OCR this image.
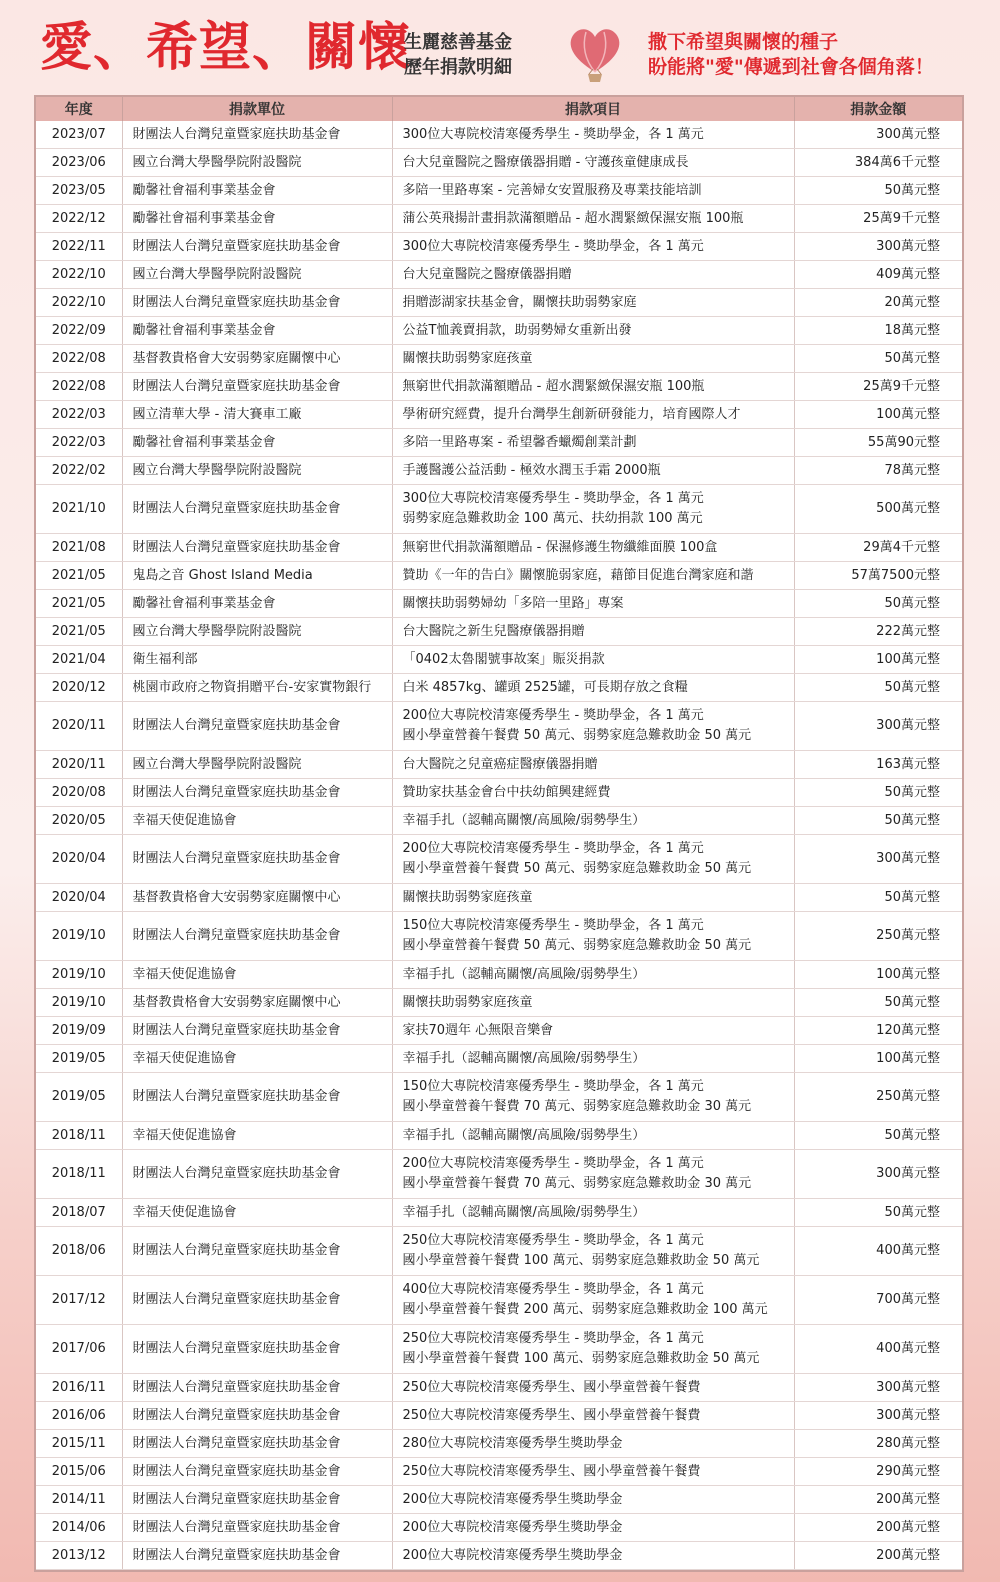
愛、希望、關懷
生麗慈善基金
歷年捐款明細
撒下希望與關懷的種子
盼能將"愛"傳遞到社會各個角落！
年度	捐款單位	捐款項目	捐款金額
2023/07	財團法人台灣兒童暨家庭扶助基金會	300位大專院校清寒優秀學生 - 獎助學金，各 1 萬元	300萬元整
2023/06	國立台灣大學醫學院附設醫院	台大兒童醫院之醫療儀器捐贈 - 守護孩童健康成長	384萬6千元整
2023/05	勵馨社會福利事業基金會	多陪一里路專案 - 完善婦女安置服務及專業技能培訓	50萬元整
2022/12	勵馨社會福利事業基金會	蒲公英飛揚計畫捐款滿額贈品 - 超水潤緊緻保濕安瓶 100瓶	25萬9千元整
2022/11	財團法人台灣兒童暨家庭扶助基金會	300位大專院校清寒優秀學生 - 獎助學金，各 1 萬元	300萬元整
2022/10	國立台灣大學醫學院附設醫院	台大兒童醫院之醫療儀器捐贈	409萬元整
2022/10	財團法人台灣兒童暨家庭扶助基金會	捐贈澎湖家扶基金會，關懷扶助弱勢家庭	20萬元整
2022/09	勵馨社會福利事業基金會	公益T恤義賣捐款，助弱勢婦女重新出發	18萬元整
2022/08	基督教貴格會大安弱勢家庭關懷中心	關懷扶助弱勢家庭孩童	50萬元整
2022/08	財團法人台灣兒童暨家庭扶助基金會	無窮世代捐款滿額贈品 - 超水潤緊緻保濕安瓶 100瓶	25萬9千元整
2022/03	國立清華大學 - 清大賽車工廠	學術研究經費，提升台灣學生創新研發能力，培育國際人才	100萬元整
2022/03	勵馨社會福利事業基金會	多陪一里路專案 - 希望馨香蠟燭創業計劃	55萬90元整
2022/02	國立台灣大學醫學院附設醫院	手護醫護公益活動 - 極效水潤玉手霜 2000瓶	78萬元整
2021/10	財團法人台灣兒童暨家庭扶助基金會	300位大專院校清寒優秀學生 - 獎助學金，各 1 萬元
弱勢家庭急難救助金 100 萬元、扶幼捐款 100 萬元	500萬元整
2021/08	財團法人台灣兒童暨家庭扶助基金會	無窮世代捐款滿額贈品 - 保濕修護生物纖維面膜 100盒	29萬4千元整
2021/05	鬼島之音 Ghost Island Media	贊助《一年的告白》關懷脆弱家庭，藉節目促進台灣家庭和諧	57萬7500元整
2021/05	勵馨社會福利事業基金會	關懷扶助弱勢婦幼「多陪一里路」專案	50萬元整
2021/05	國立台灣大學醫學院附設醫院	台大醫院之新生兒醫療儀器捐贈	222萬元整
2021/04	衛生福利部	「0402太魯閣號事故案」賑災捐款	100萬元整
2020/12	桃園市政府之物資捐贈平台-安家實物銀行	白米 4857kg、罐頭 2525罐，可長期存放之食糧	50萬元整
2020/11	財團法人台灣兒童暨家庭扶助基金會	200位大專院校清寒優秀學生 - 獎助學金，各 1 萬元
國小學童營養午餐費 50 萬元、弱勢家庭急難救助金 50 萬元	300萬元整
2020/11	國立台灣大學醫學院附設醫院	台大醫院之兒童癌症醫療儀器捐贈	163萬元整
2020/08	財團法人台灣兒童暨家庭扶助基金會	贊助家扶基金會台中扶幼館興建經費	50萬元整
2020/05	幸福天使促進協會	幸福手扎（認輔高關懷/高風險/弱勢學生）	50萬元整
2020/04	財團法人台灣兒童暨家庭扶助基金會	200位大專院校清寒優秀學生 - 獎助學金，各 1 萬元
國小學童營養午餐費 50 萬元、弱勢家庭急難救助金 50 萬元	300萬元整
2020/04	基督教貴格會大安弱勢家庭關懷中心	關懷扶助弱勢家庭孩童	50萬元整
2019/10	財團法人台灣兒童暨家庭扶助基金會	150位大專院校清寒優秀學生 - 獎助學金，各 1 萬元
國小學童營養午餐費 50 萬元、弱勢家庭急難救助金 50 萬元	250萬元整
2019/10	幸福天使促進協會	幸福手扎（認輔高關懷/高風險/弱勢學生）	100萬元整
2019/10	基督教貴格會大安弱勢家庭關懷中心	關懷扶助弱勢家庭孩童	50萬元整
2019/09	財團法人台灣兒童暨家庭扶助基金會	家扶70週年 心無限音樂會	120萬元整
2019/05	幸福天使促進協會	幸福手扎（認輔高關懷/高風險/弱勢學生）	100萬元整
2019/05	財團法人台灣兒童暨家庭扶助基金會	150位大專院校清寒優秀學生 - 獎助學金，各 1 萬元
國小學童營養午餐費 70 萬元、弱勢家庭急難救助金 30 萬元	250萬元整
2018/11	幸福天使促進協會	幸福手扎（認輔高關懷/高風險/弱勢學生）	50萬元整
2018/11	財團法人台灣兒童暨家庭扶助基金會	200位大專院校清寒優秀學生 - 獎助學金，各 1 萬元
國小學童營養午餐費 70 萬元、弱勢家庭急難救助金 30 萬元	300萬元整
2018/07	幸福天使促進協會	幸福手扎（認輔高關懷/高風險/弱勢學生）	50萬元整
2018/06	財團法人台灣兒童暨家庭扶助基金會	250位大專院校清寒優秀學生 - 獎助學金，各 1 萬元
國小學童營養午餐費 100 萬元、弱勢家庭急難救助金 50 萬元	400萬元整
2017/12	財團法人台灣兒童暨家庭扶助基金會	400位大專院校清寒優秀學生 - 獎助學金，各 1 萬元
國小學童營養午餐費 200 萬元、弱勢家庭急難救助金 100 萬元	700萬元整
2017/06	財團法人台灣兒童暨家庭扶助基金會	250位大專院校清寒優秀學生 - 獎助學金，各 1 萬元
國小學童營養午餐費 100 萬元、弱勢家庭急難救助金 50 萬元	400萬元整
2016/11	財團法人台灣兒童暨家庭扶助基金會	250位大專院校清寒優秀學生、國小學童營養午餐費	300萬元整
2016/06	財團法人台灣兒童暨家庭扶助基金會	250位大專院校清寒優秀學生、國小學童營養午餐費	300萬元整
2015/11	財團法人台灣兒童暨家庭扶助基金會	280位大專院校清寒優秀學生獎助學金	280萬元整
2015/06	財團法人台灣兒童暨家庭扶助基金會	250位大專院校清寒優秀學生、國小學童營養午餐費	290萬元整
2014/11	財團法人台灣兒童暨家庭扶助基金會	200位大專院校清寒優秀學生獎助學金	200萬元整
2014/06	財團法人台灣兒童暨家庭扶助基金會	200位大專院校清寒優秀學生獎助學金	200萬元整
2013/12	財團法人台灣兒童暨家庭扶助基金會	200位大專院校清寒優秀學生獎助學金	200萬元整
